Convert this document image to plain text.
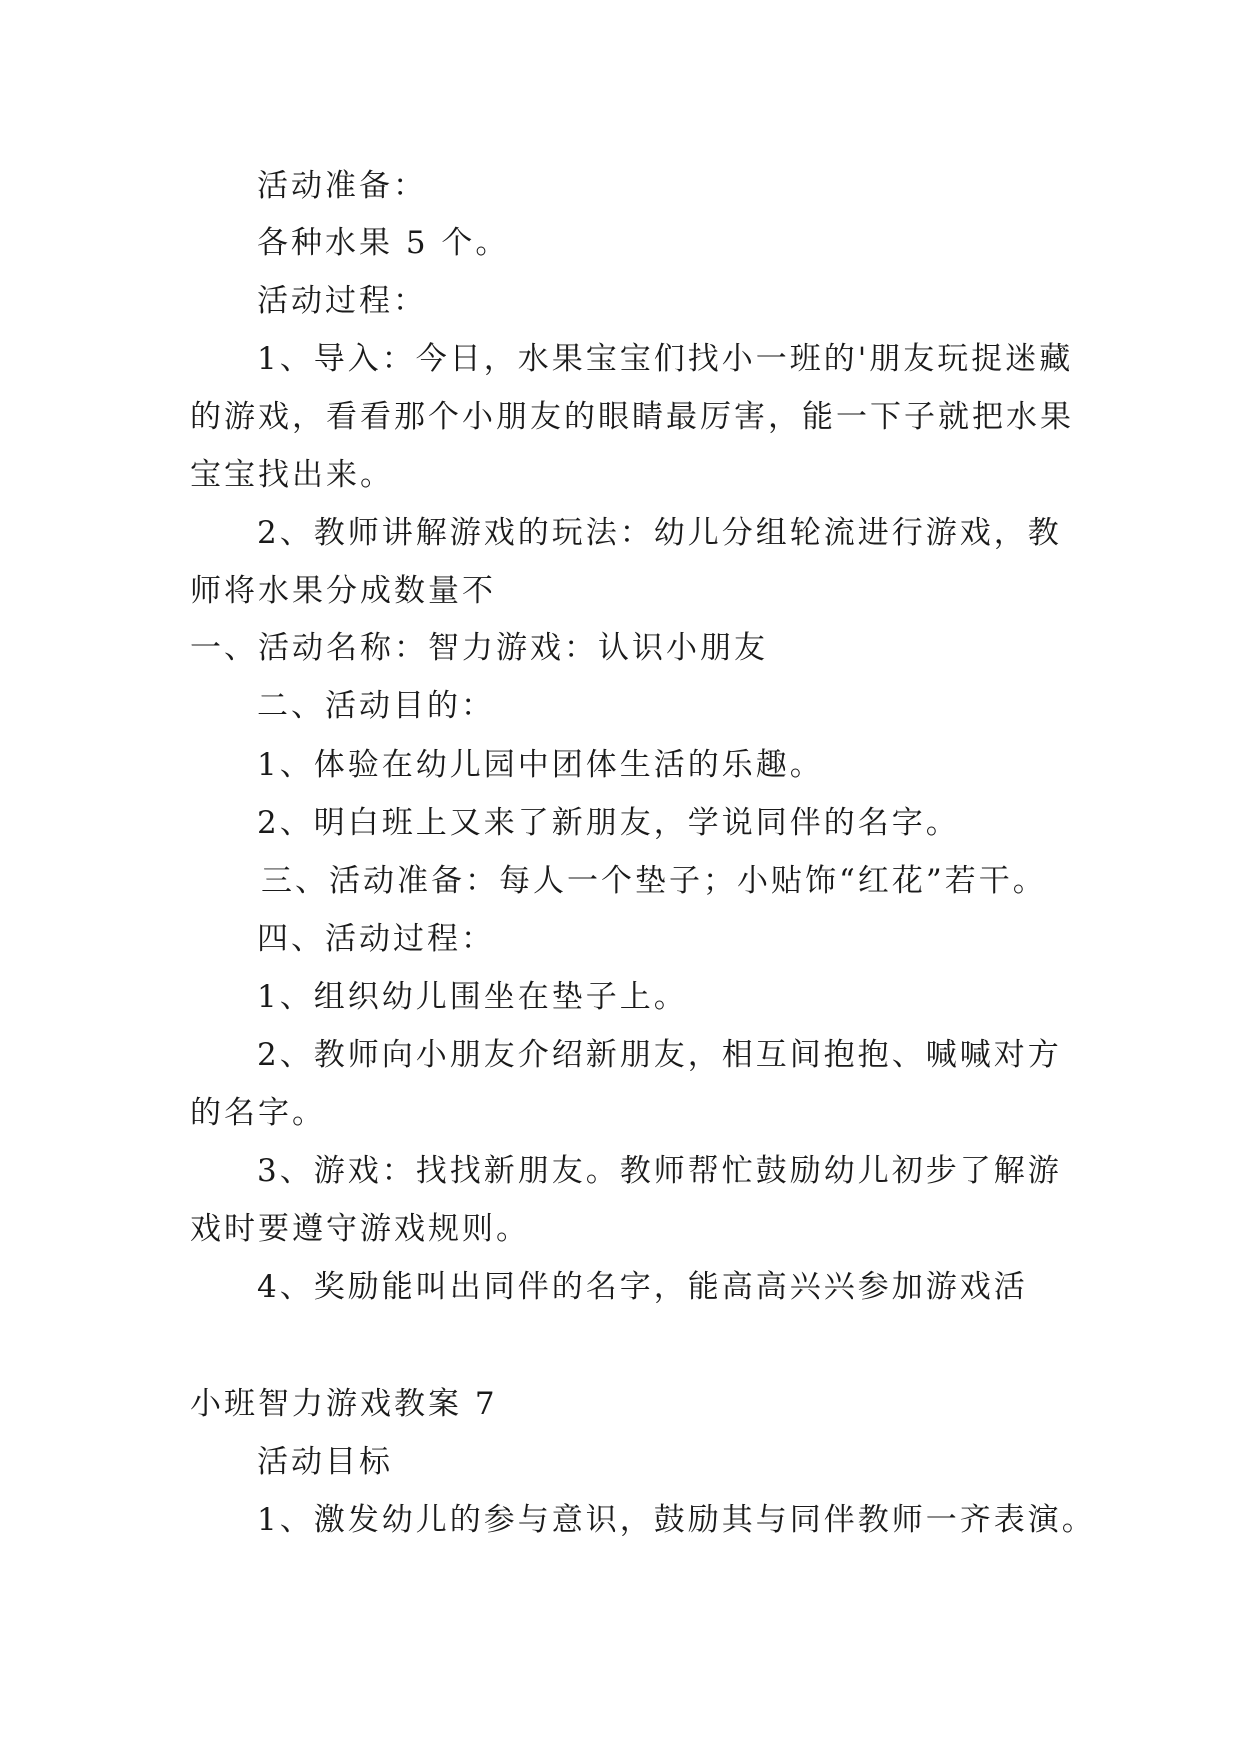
活动准备：
各种水果 5 个。
活动过程：
1、导入：今日，水果宝宝们找小一班的'朋友玩捉迷藏
的游戏，看看那个小朋友的眼睛最厉害，能一下子就把水果
宝宝找出来。
2、教师讲解游戏的玩法：幼儿分组轮流进行游戏，教
师将水果分成数量不
一、活动名称：智力游戏：认识小朋友
二、活动目的：
1、体验在幼儿园中团体生活的乐趣。
2、明白班上又来了新朋友，学说同伴的名字。
三、活动准备：每人一个垫子；小贴饰“红花”若干。
四、活动过程：
1、组织幼儿围坐在垫子上。
2、教师向小朋友介绍新朋友，相互间抱抱、喊喊对方
的名字。
3、游戏：找找新朋友。教师帮忙鼓励幼儿初步了解游
戏时要遵守游戏规则。
4、奖励能叫出同伴的名字，能高高兴兴参加游戏活
小班智力游戏教案 7
活动目标
1、激发幼儿的参与意识，鼓励其与同伴教师一齐表演。
